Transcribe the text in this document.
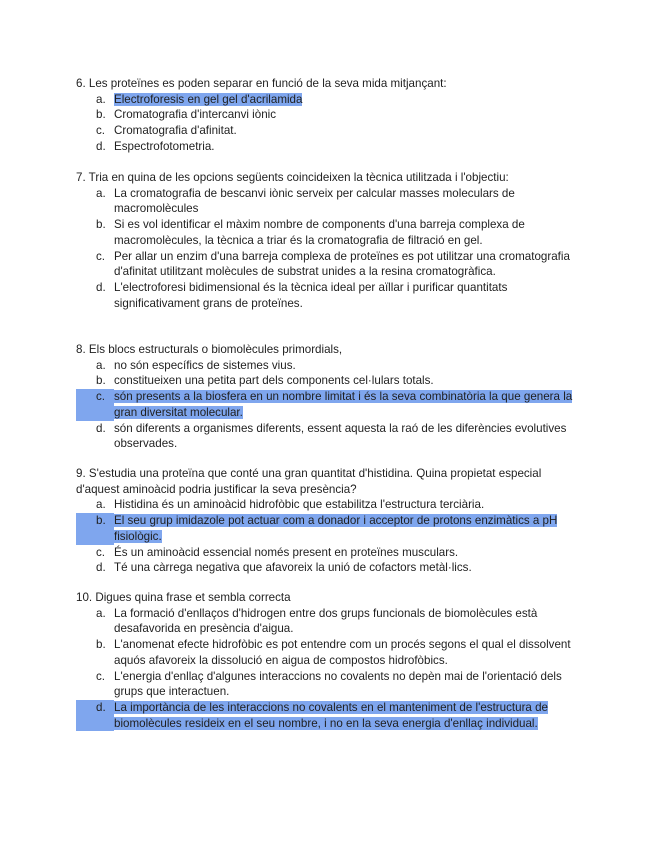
6. Les proteïnes es poden separar en funció de la seva mida mitjançant:

a. Electroforesis en gel gel d'acrilamida
b. Cromatografia d'intercanvi iònic
c. Cromatografia d'afinitat.
d. Espectrofotometria.

7. Tria en quina de les opcions següents coincideixen la tècnica utilitzada i l'objectiu:

a. La cromatografia de bescanvi iònic serveix per calcular masses moleculars de macromolècules
b. Si es vol identificar el màxim nombre de components d'una barreja complexa de macromolècules, la tècnica a triar és la cromatografia de filtració en gel.
c. Per allar un enzim d'una barreja complexa de proteïnes es pot utilitzar una cromatografia d'afinitat utilitzant molècules de substrat unides a la resina cromatogràfica.
d. L'electroforesi bidimensional és la tècnica ideal per aïllar i purificar quantitats significativament grans de proteïnes.

8. Els blocs estructurals o biomolècules primordials,

a. no són específics de sistemes vius.
b. constitueixen una petita part dels components cel·lulars totals.
c. són presents a la biosfera en un nombre limitat i és la seva combinatòria la que genera la gran diversitat molecular.
d. són diferents a organismes diferents, essent aquesta la raó de les diferències evolutives observades.

9. S'estudia una proteïna que conté una gran quantitat d'histidina. Quina propietat especial d'aquest aminoàcid podria justificar la seva presència?

a. Histidina és un aminoàcid hidrofòbic que estabilitza l'estructura terciària.
b. El seu grup imidazole pot actuar com a donador i acceptor de protons enzimàtics a pH fisiològic.
c. És un aminoàcid essencial només present en proteïnes musculars.
d. Té una càrrega negativa que afavoreix la unió de cofactors metàl·lics.

10. Digues quina frase et sembla correcta

a. La formació d'enllaços d'hidrogen entre dos grups funcionals de biomolècules està desafavorida en presència d'aigua.
b. L'anomenat efecte hidrofòbic es pot entendre com un procés segons el qual el dissolvent aquós afavoreix la dissolució en aigua de compostos hidrofòbics.
c. L'energia d'enllaç d'algunes interaccions no covalents no depèn mai de l'orientació dels grups que interactuen.
d. La importància de les interaccions no covalents en el manteniment de l'estructura de biomolècules resideix en el seu nombre, i no en la seva energia d'enllaç individual.
